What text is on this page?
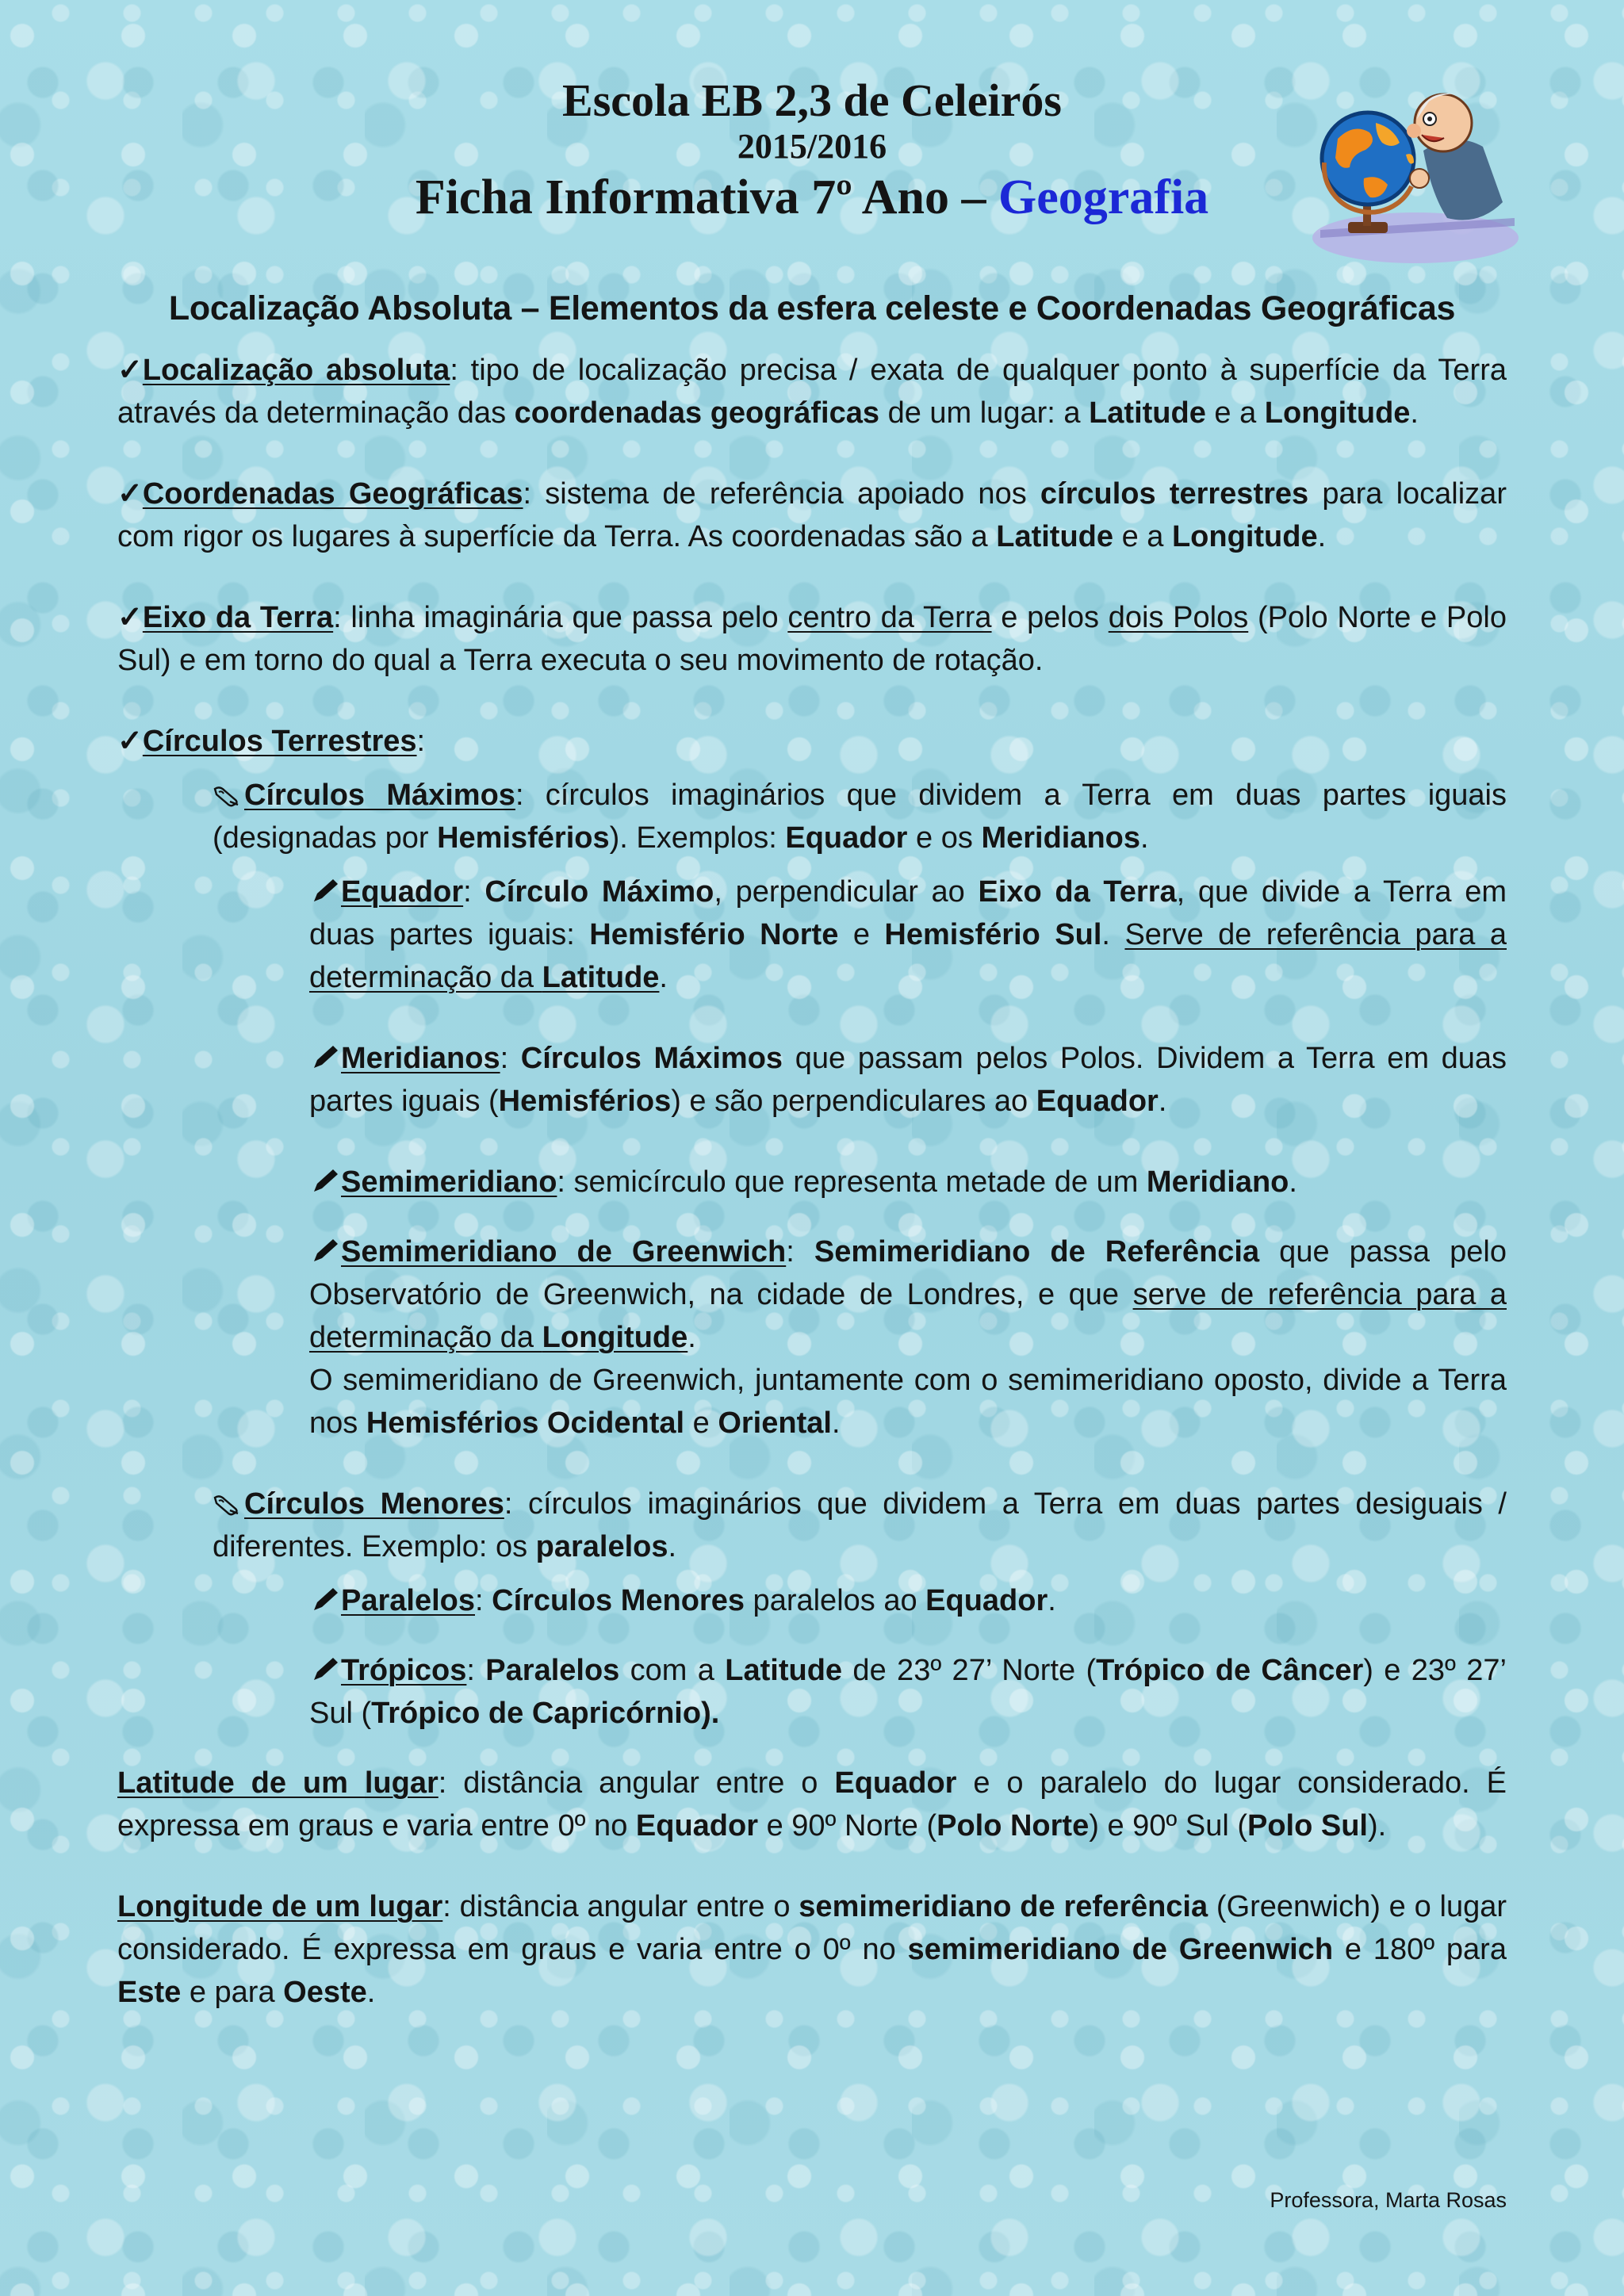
Escola EB 2,3 de Celeirós
2015/2016
Ficha Informativa 7º Ano – Geografia
Localização Absoluta – Elementos da esfera celeste e Coordenadas Geográficas

✓Localização absoluta: tipo de localização precisa / exata de qualquer ponto à superfície da Terra através da determinação das coordenadas geográficas de um lugar: a Latitude e a Longitude.

✓Coordenadas Geográficas: sistema de referência apoiado nos círculos terrestres para localizar com rigor os lugares à superfície da Terra. As coordenadas são a Latitude e a Longitude.

✓Eixo da Terra: linha imaginária que passa pelo centro da Terra e pelos dois Polos (Polo Norte e Polo Sul) e em torno do qual a Terra executa o seu movimento de rotação.

✓Círculos Terrestres:

Círculos Máximos: círculos imaginários que dividem a Terra em duas partes iguais (designadas por Hemisférios). Exemplos: Equador e os Meridianos.

Equador: Círculo Máximo, perpendicular ao Eixo da Terra, que divide a Terra em duas partes iguais: Hemisfério Norte e Hemisfério Sul. Serve de referência para a determinação da Latitude.

Meridianos: Círculos Máximos que passam pelos Polos. Dividem a Terra em duas partes iguais (Hemisférios) e são perpendiculares ao Equador.

Semimeridiano: semicírculo que representa metade de um Meridiano.

Semimeridiano de Greenwich: Semimeridiano de Referência que passa pelo Observatório de Greenwich, na cidade de Londres, e que serve de referência para a determinação da Longitude.

O semimeridiano de Greenwich, juntamente com o semimeridiano oposto, divide a Terra nos Hemisférios Ocidental e Oriental.

Círculos Menores: círculos imaginários que dividem a Terra em duas partes desiguais / diferentes. Exemplo: os paralelos.

Paralelos: Círculos Menores paralelos ao Equador.

Trópicos: Paralelos com a Latitude de 23º 27’ Norte (Trópico de Câncer) e 23º 27’ Sul (Trópico de Capricórnio).

Latitude de um lugar: distância angular entre o Equador e o paralelo do lugar considerado. É expressa em graus e varia entre 0º no Equador e 90º Norte (Polo Norte) e 90º Sul (Polo Sul).

Longitude de um lugar: distância angular entre o semimeridiano de referência (Greenwich) e o lugar considerado. É expressa em graus e varia entre o 0º no semimeridiano de Greenwich e 180º para Este e para Oeste.

Professora, Marta Rosas
